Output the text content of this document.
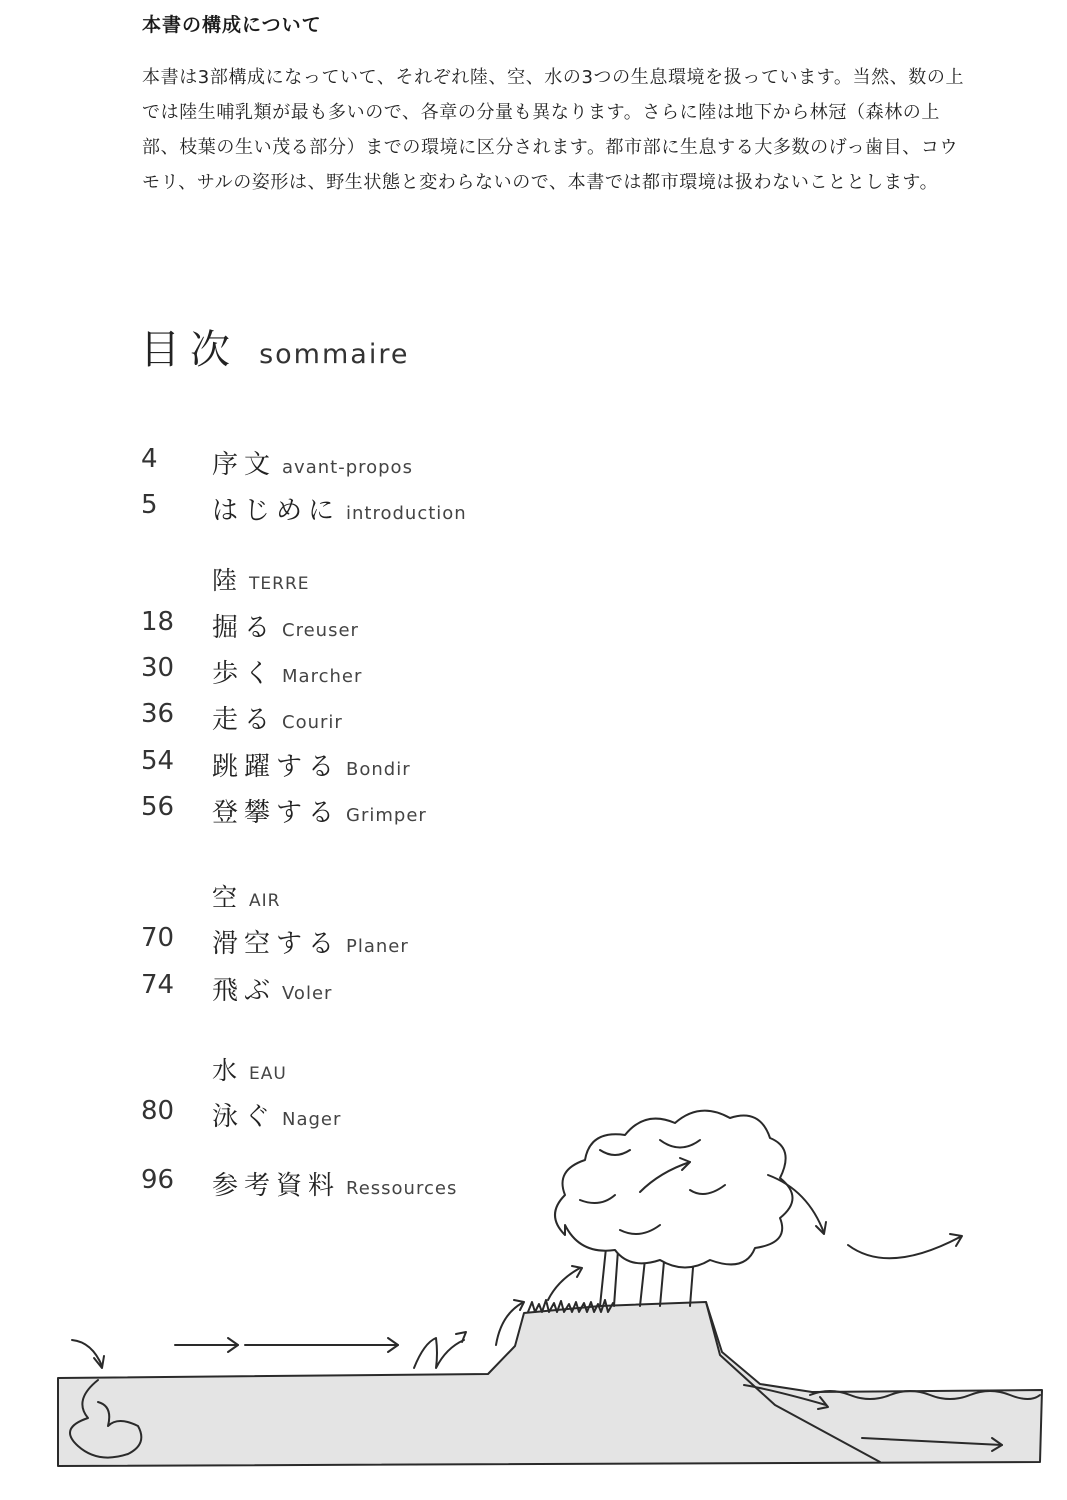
本書の構成について
本書は3部構成になっていて、それぞれ陸、空、水の3つの生息環境を扱っています。当然、数の上では陸生哺乳類が最も多いので、各章の分量も異なります。さらに陸は地下から林冠（森林の上部、枝葉の生い茂る部分）までの環境に区分されます。都市部に生息する大多数のげっ歯目、コウモリ、サルの姿形は、野生状態と変わらないので、本書では都市環境は扱わないこととします。
目次 sommaire
4 序文 avant-propos
5 はじめに introduction
陸 TERRE
18 掘る Creuser
30 歩く Marcher
36 走る Courir
54 跳躍する Bondir
56 登攀する Grimper
空 AIR
70 滑空する Planer
74 飛ぶ Voler
水 EAU
80 泳ぐ Nager
96 参考資料 Ressources
